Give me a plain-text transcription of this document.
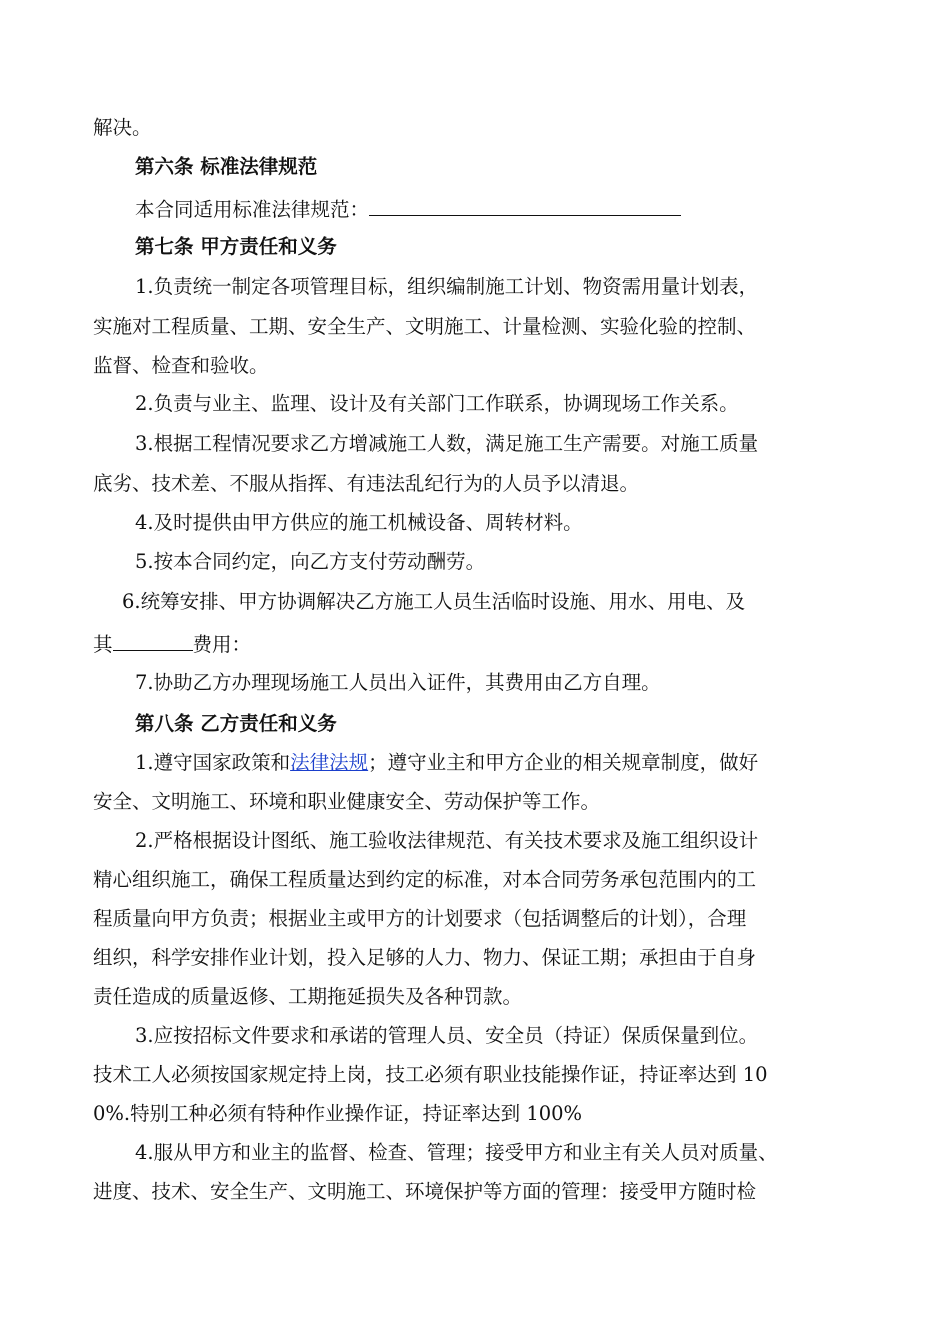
解决。
第六条 标准法律规范
本合同适用标准法律规范：
第七条 甲方责任和义务
1.负责统一制定各项管理目标，组织编制施工计划、物资需用量计划表，
实施对工程质量、工期、安全生产、文明施工、计量检测、实验化验的控制、
监督、检查和验收。
2.负责与业主、监理、设计及有关部门工作联系，协调现场工作关系。
3.根据工程情况要求乙方增减施工人数，满足施工生产需要。对施工质量
底劣、技术差、不服从指挥、有违法乱纪行为的人员予以清退。
4.及时提供由甲方供应的施工机械设备、周转材料。
5.按本合同约定，向乙方支付劳动酬劳。
6.统筹安排、甲方协调解决乙方施工人员生活临时设施、用水、用电、及
其	费用：
7.协助乙方办理现场施工人员出入证件，其费用由乙方自理。
第八条 乙方责任和义务
1.遵守国家政策和法律法规；遵守业主和甲方企业的相关规章制度，做好
安全、文明施工、环境和职业健康安全、劳动保护等工作。
2.严格根据设计图纸、施工验收法律规范、有关技术要求及施工组织设计
精心组织施工，确保工程质量达到约定的标准，对本合同劳务承包范围内的工
程质量向甲方负责；根据业主或甲方的计划要求（包括调整后的计划），合理
组织，科学安排作业计划，投入足够的人力、物力、保证工期；承担由于自身
责任造成的质量返修、工期拖延损失及各种罚款。
3.应按招标文件要求和承诺的管理人员、安全员（持证）保质保量到位。
技术工人必须按国家规定持上岗，技工必须有职业技能操作证，持证率达到 10
0%.特别工种必须有特种作业操作证，持证率达到 100%
4.服从甲方和业主的监督、检查、管理；接受甲方和业主有关人员对质量、
进度、技术、安全生产、文明施工、环境保护等方面的管理：接受甲方随时检
